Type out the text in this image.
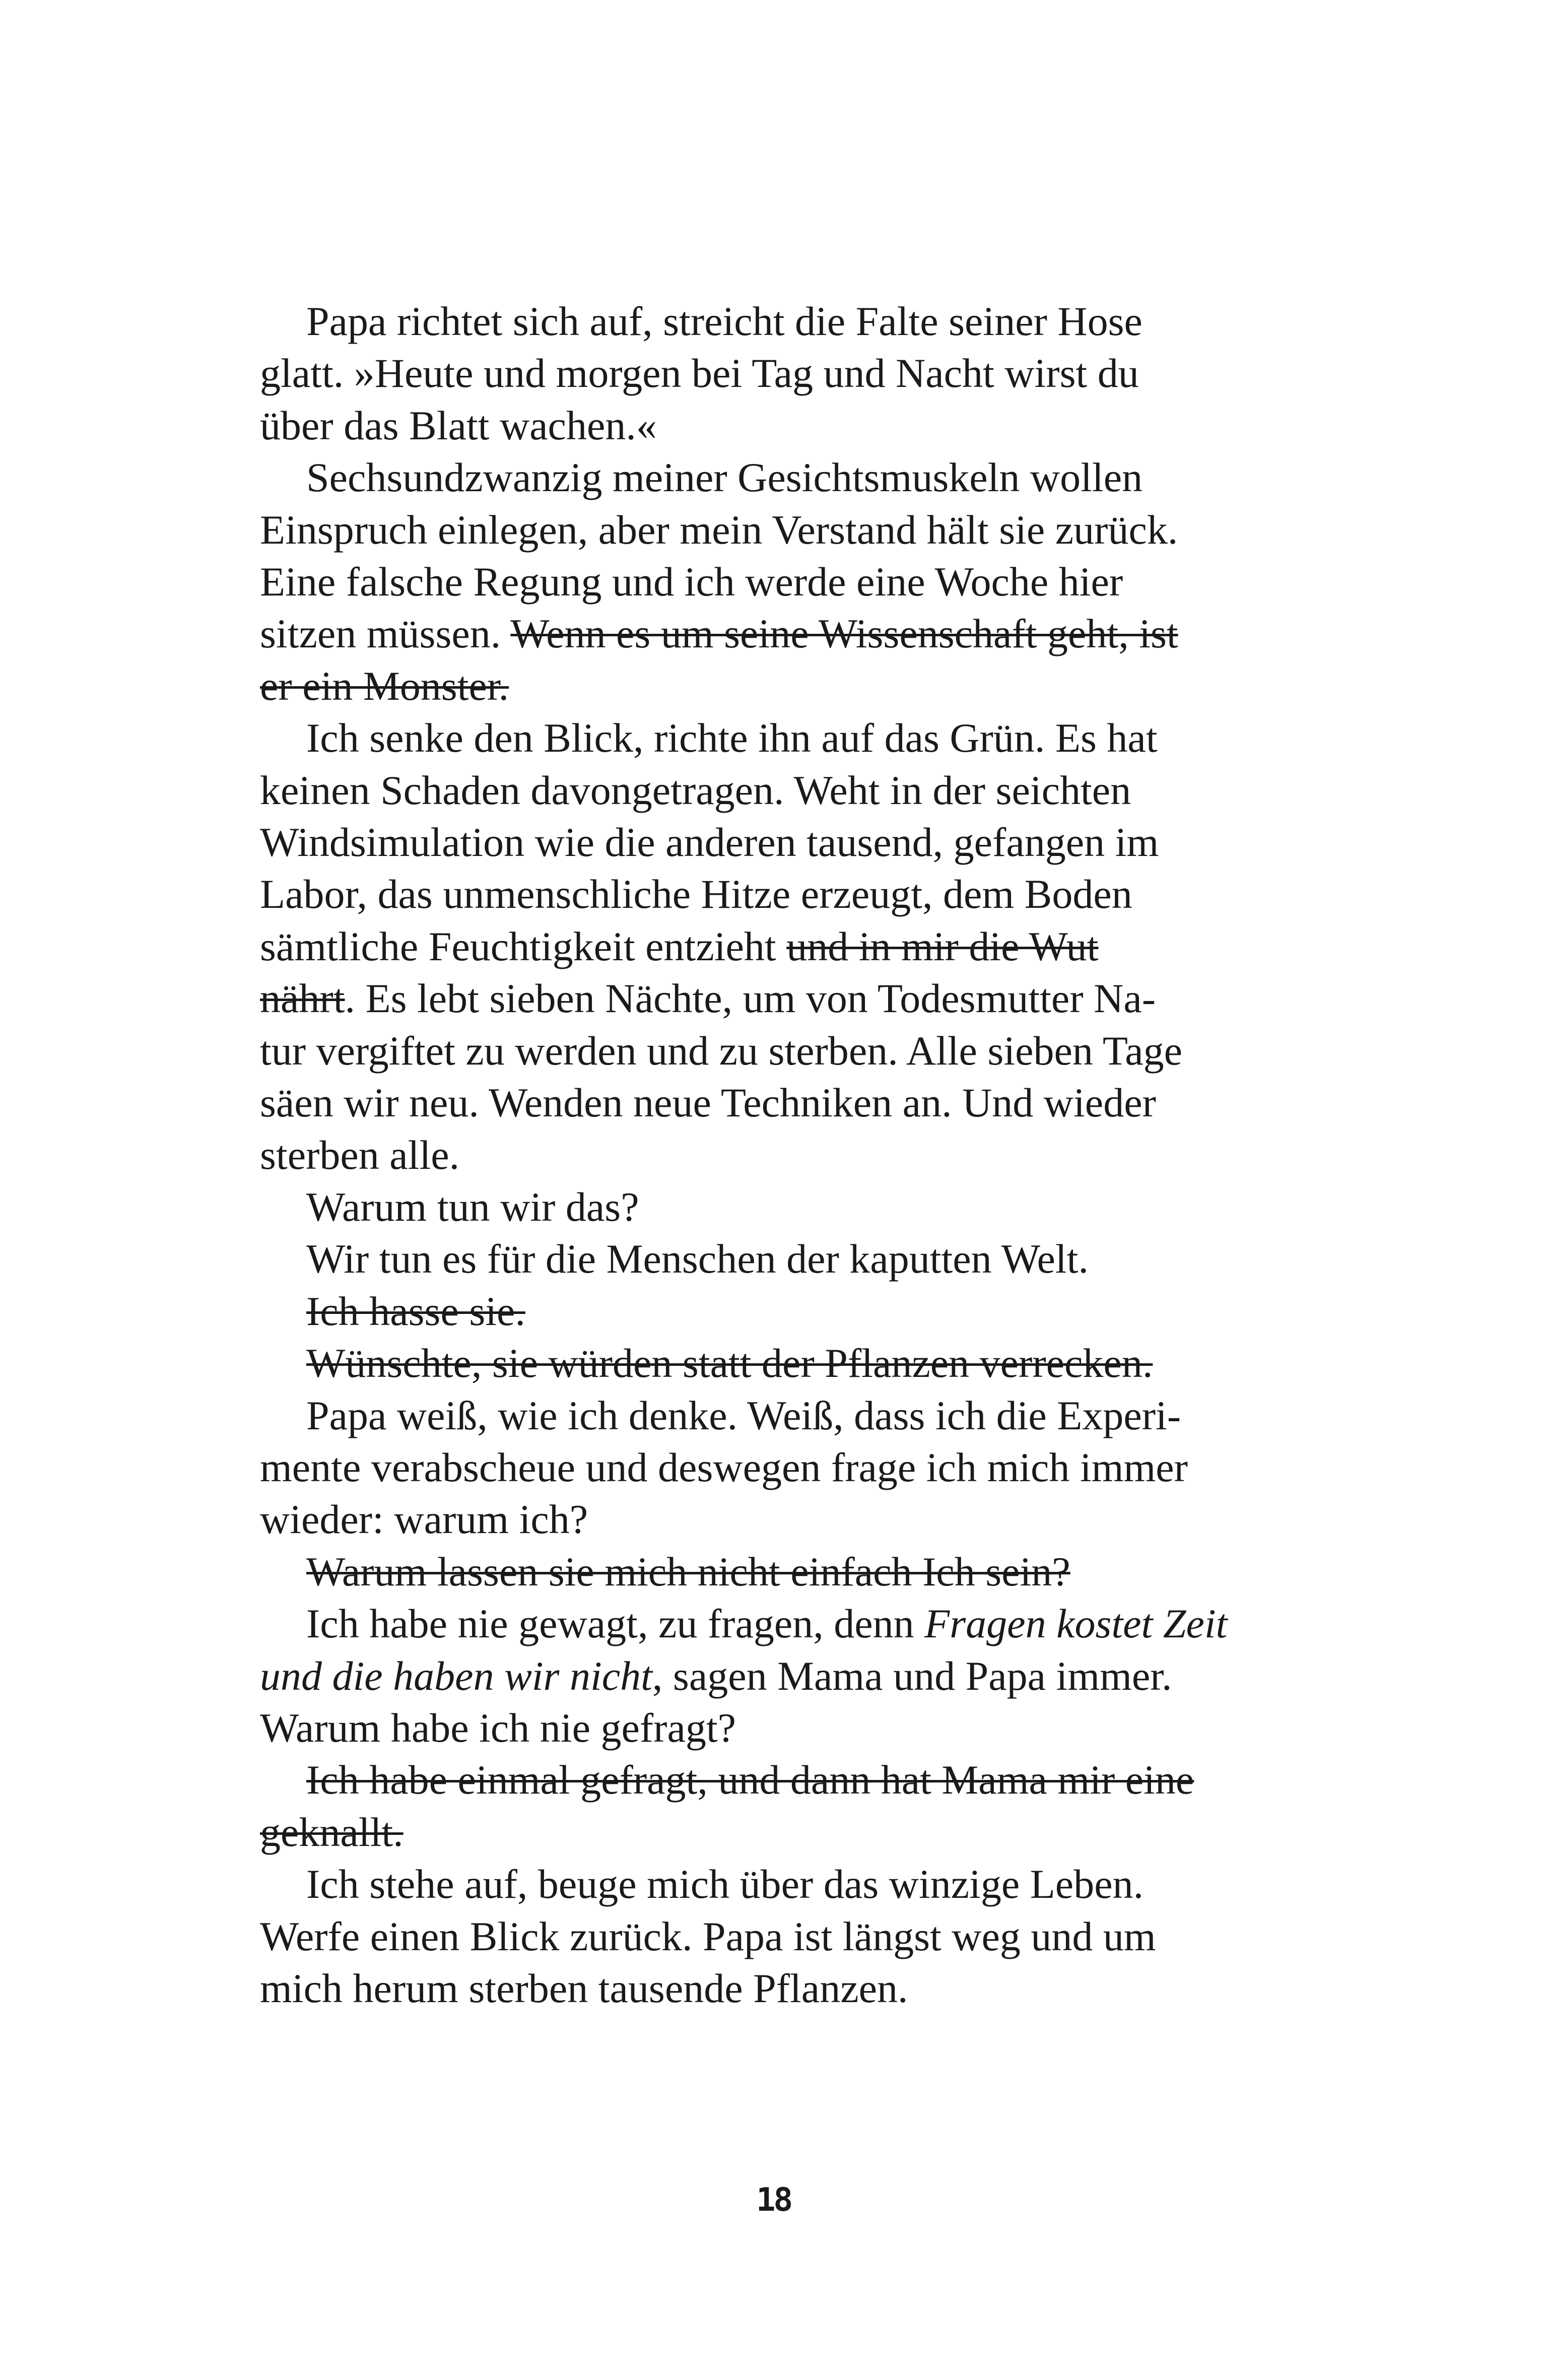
Papa richtet sich auf, streicht die Falte seiner Hose
glatt. »Heute und morgen bei Tag und Nacht wirst du
über das Blatt wachen.«

Sechsundzwanzig meiner Gesichtsmuskeln wollen
Einspruch einlegen, aber mein Verstand hält sie zurück.
Eine falsche Regung und ich werde eine Woche hier
sitzen müssen. Wenn es um seine Wissenschaft geht, ist
er ein Monster.

Ich senke den Blick, richte ihn auf das Grün. Es hat
keinen Schaden davongetragen. Weht in der seichten
Windsimulation wie die anderen tausend, gefangen im
Labor, das unmenschliche Hitze erzeugt, dem Boden
sämtliche Feuchtigkeit entzieht und in mir die Wut
nährt. Es lebt sieben Nächte, um von Todesmutter Na-
tur vergiftet zu werden und zu sterben. Alle sieben Tage
säen wir neu. Wenden neue Techniken an. Und wieder
sterben alle.

Warum tun wir das?

Wir tun es für die Menschen der kaputten Welt.

Ich hasse sie.

Wünschte, sie würden statt der Pflanzen verrecken.

Papa weiß, wie ich denke. Weiß, dass ich die Experi-
mente verabscheue und deswegen frage ich mich immer
wieder: warum ich?

Warum lassen sie mich nicht einfach Ich sein?

Ich habe nie gewagt, zu fragen, denn Fragen kostet Zeit
und die haben wir nicht, sagen Mama und Papa immer.
Warum habe ich nie gefragt?

Ich habe einmal gefragt, und dann hat Mama mir eine
geknallt.

Ich stehe auf, beuge mich über das winzige Leben.
Werfe einen Blick zurück. Papa ist längst weg und um
mich herum sterben tausende Pflanzen.

18
